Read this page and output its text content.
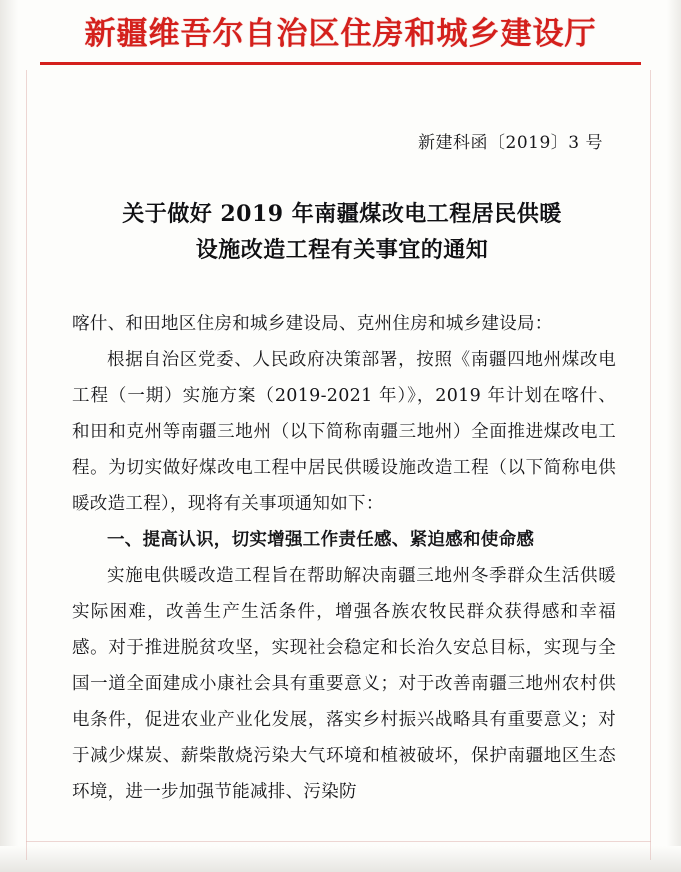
新疆维吾尔自治区住房和城乡建设厅
新建科函〔2019〕3 号
关于做好 2019 年南疆煤改电工程居民供暖
设施改造工程有关事宜的通知

喀什、和田地区住房和城乡建设局、克州住房和城乡建设局：

根据自治区党委、人民政府决策部署，按照《南疆四地州煤改电工程（一期）实施方案（2019-2021 年）》，2019 年计划在喀什、和田和克州等南疆三地州（以下简称南疆三地州）全面推进煤改电工程。为切实做好煤改电工程中居民供暖设施改造工程（以下简称电供暖改造工程），现将有关事项通知如下：

一、提高认识，切实增强工作责任感、紧迫感和使命感

实施电供暖改造工程旨在帮助解决南疆三地州冬季群众生活供暖实际困难，改善生产生活条件，增强各族农牧民群众获得感和幸福感。对于推进脱贫攻坚，实现社会稳定和长治久安总目标，实现与全国一道全面建成小康社会具有重要意义；对于改善南疆三地州农村供电条件，促进农业产业化发展，落实乡村振兴战略具有重要意义；对于减少煤炭、薪柴散烧污染大气环境和植被破坏，保护南疆地区生态环境，进一步加强节能减排、污染防
